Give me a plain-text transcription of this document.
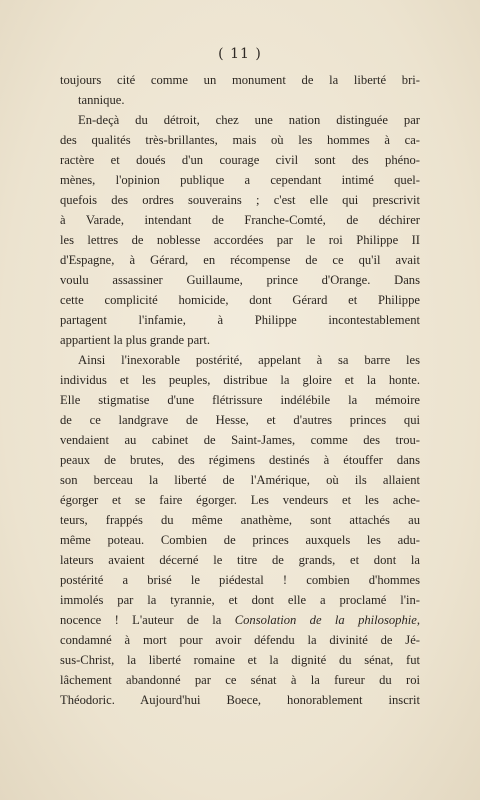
( 11 )
toujours cité comme un monument de la liberté bri-
tannique.
En-deçà du détroit, chez une nation distinguée par
des qualités très-brillantes, mais où les hommes à ca-
ractère et doués d'un courage civil sont des phéno-
mènes, l'opinion publique a cependant intimé quel-
quefois des ordres souverains ; c'est elle qui prescrivit
à Varade, intendant de Franche-Comté, de déchirer
les lettres de noblesse accordées par le roi Philippe II
d'Espagne, à Gérard, en récompense de ce qu'il avait
voulu assassiner Guillaume, prince d'Orange. Dans
cette complicité homicide, dont Gérard et Philippe
partagent l'infamie, à Philippe incontestablement
appartient la plus grande part.
Ainsi l'inexorable postérité, appelant à sa barre les
individus et les peuples, distribue la gloire et la honte.
Elle stigmatise d'une flétrissure indélébile la mémoire
de ce landgrave de Hesse, et d'autres princes qui
vendaient au cabinet de Saint-James, comme des trou-
peaux de brutes, des régimens destinés à étouffer dans
son berceau la liberté de l'Amérique, où ils allaient
égorger et se faire égorger. Les vendeurs et les ache-
teurs, frappés du même anathème, sont attachés au
même poteau. Combien de princes auxquels les adu-
lateurs avaient décerné le titre de grands, et dont la
postérité a brisé le piédestal ! combien d'hommes
immolés par la tyrannie, et dont elle a proclamé l'in-
nocence ! L'auteur de la Consolation de la philosophie,
condamné à mort pour avoir défendu la divinité de Jé-
sus-Christ, la liberté romaine et la dignité du sénat, fut
lâchement abandonné par ce sénat à la fureur du roi
Théodoric. Aujourd'hui Boece, honorablement inscrit
